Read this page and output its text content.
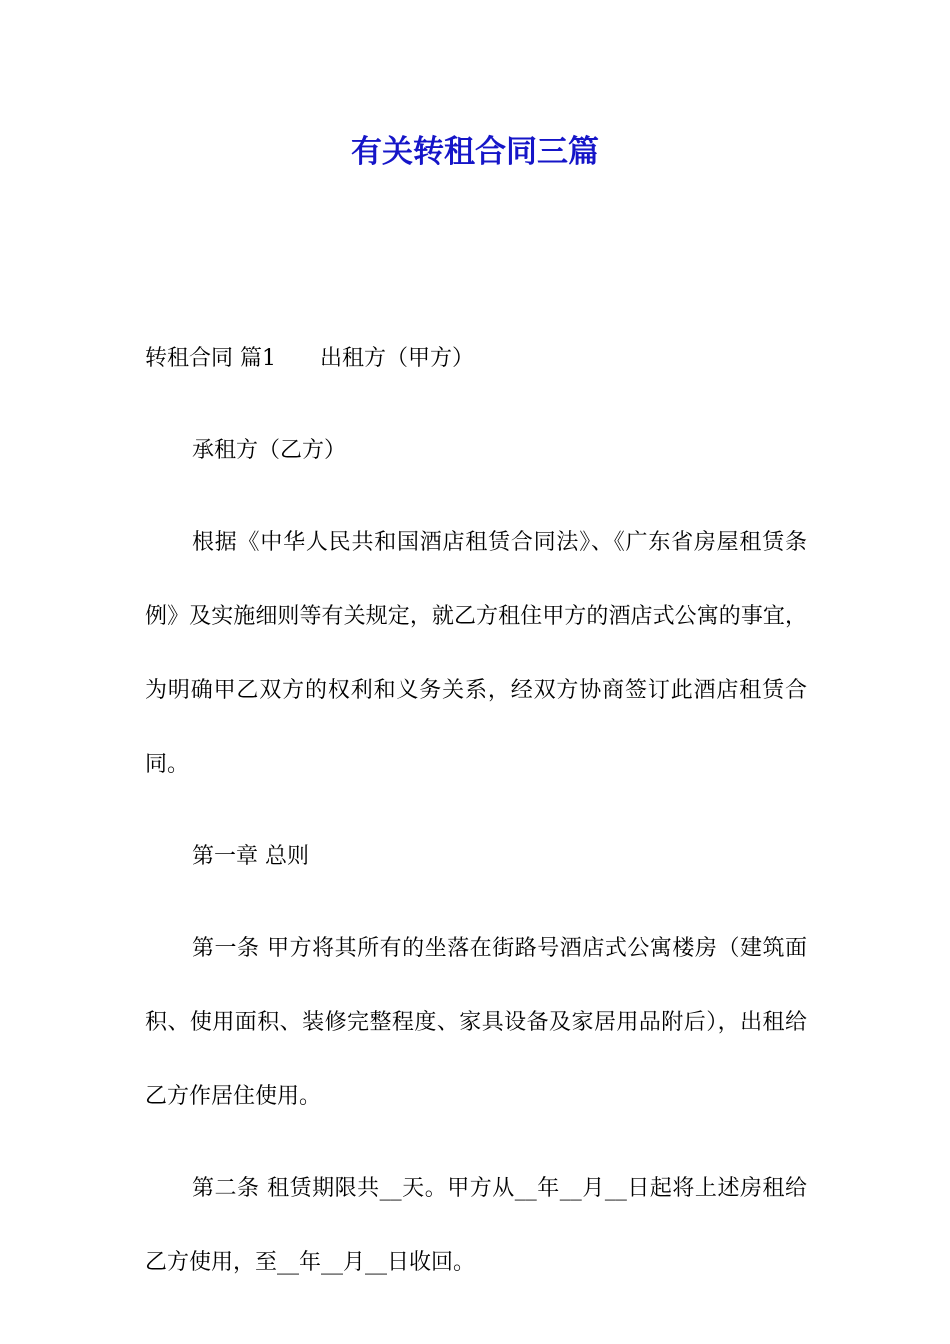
有关转租合同三篇

转租合同 篇1 出租方（甲方）

承租方（乙方）

根据《中华人民共和国酒店租赁合同法》、《广东省房屋租赁条例》及实施细则等有关规定，就乙方租住甲方的酒店式公寓的事宜，为明确甲乙双方的权利和义务关系，经双方协商签订此酒店租赁合同。

第一章 总则

第一条 甲方将其所有的坐落在街路号酒店式公寓楼房（建筑面积、使用面积、装修完整程度、家具设备及家居用品附后），出租给乙方作居住使用。

第二条 租赁期限共__天。甲方从__年__月__日起将上述房租给乙方使用，至__年__月__日收回。
